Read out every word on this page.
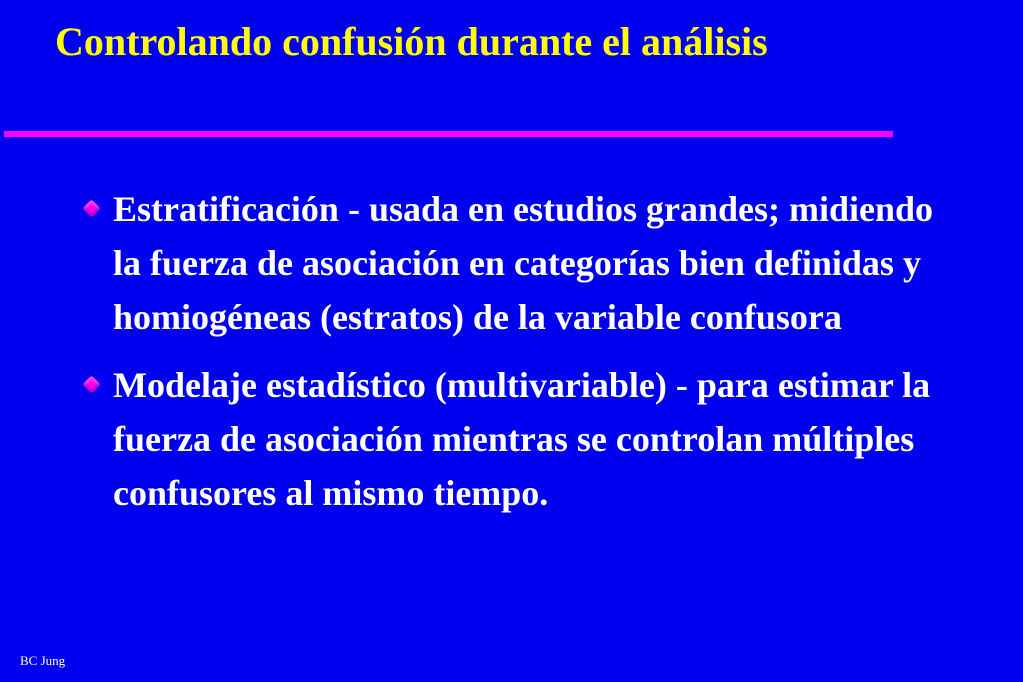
Controlando confusión durante el análisis
Estratificación - usada en estudios grandes; midiendo la fuerza de asociación en categorías bien definidas y homiogéneas (estratos) de la variable confusora
Modelaje estadístico (multivariable) - para estimar la fuerza de asociación mientras se controlan múltiples confusores al mismo tiempo.
BC Jung
